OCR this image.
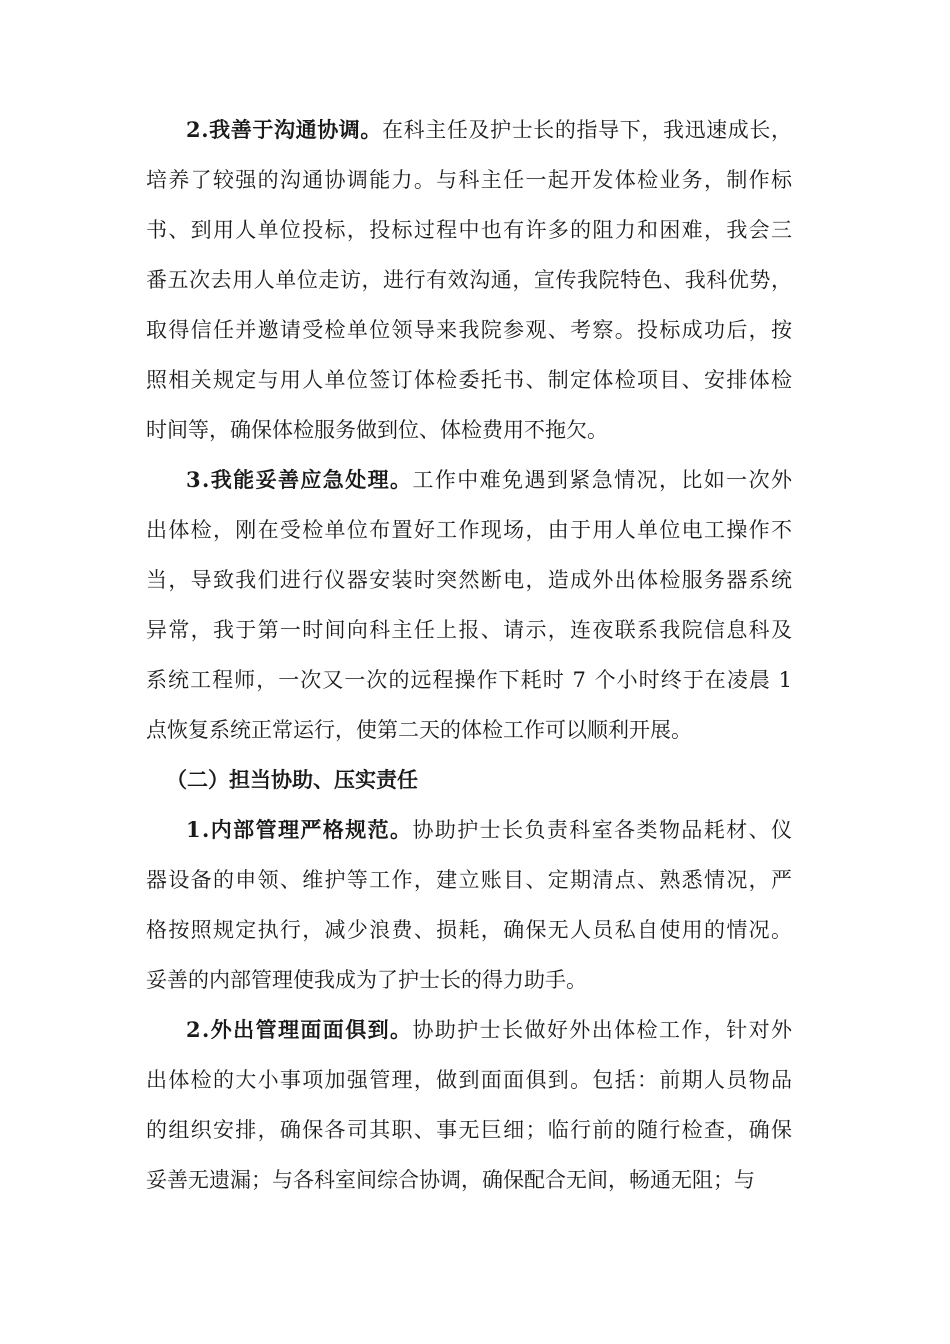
2.我善于沟通协调。在科主任及护士长的指导下，我迅速成长，
培养了较强的沟通协调能力。与科主任一起开发体检业务，制作标
书、到用人单位投标，投标过程中也有许多的阻力和困难，我会三
番五次去用人单位走访，进行有效沟通，宣传我院特色、我科优势，
取得信任并邀请受检单位领导来我院参观、考察。投标成功后，按
照相关规定与用人单位签订体检委托书、制定体检项目、安排体检
时间等，确保体检服务做到位、体检费用不拖欠。
3.我能妥善应急处理。工作中难免遇到紧急情况，比如一次外
出体检，刚在受检单位布置好工作现场，由于用人单位电工操作不
当，导致我们进行仪器安装时突然断电，造成外出体检服务器系统
异常，我于第一时间向科主任上报、请示，连夜联系我院信息科及
系统工程师，一次又一次的远程操作下耗时 7 个小时终于在凌晨 1
点恢复系统正常运行，使第二天的体检工作可以顺利开展。
（二）担当协助、压实责任
1.内部管理严格规范。协助护士长负责科室各类物品耗材、仪
器设备的申领、维护等工作，建立账目、定期清点、熟悉情况，严
格按照规定执行，减少浪费、损耗，确保无人员私自使用的情况。
妥善的内部管理使我成为了护士长的得力助手。
2.外出管理面面俱到。协助护士长做好外出体检工作，针对外
出体检的大小事项加强管理，做到面面俱到。包括：前期人员物品
的组织安排，确保各司其职、事无巨细；临行前的随行检查，确保
妥善无遗漏；与各科室间综合协调，确保配合无间，畅通无阻；与
